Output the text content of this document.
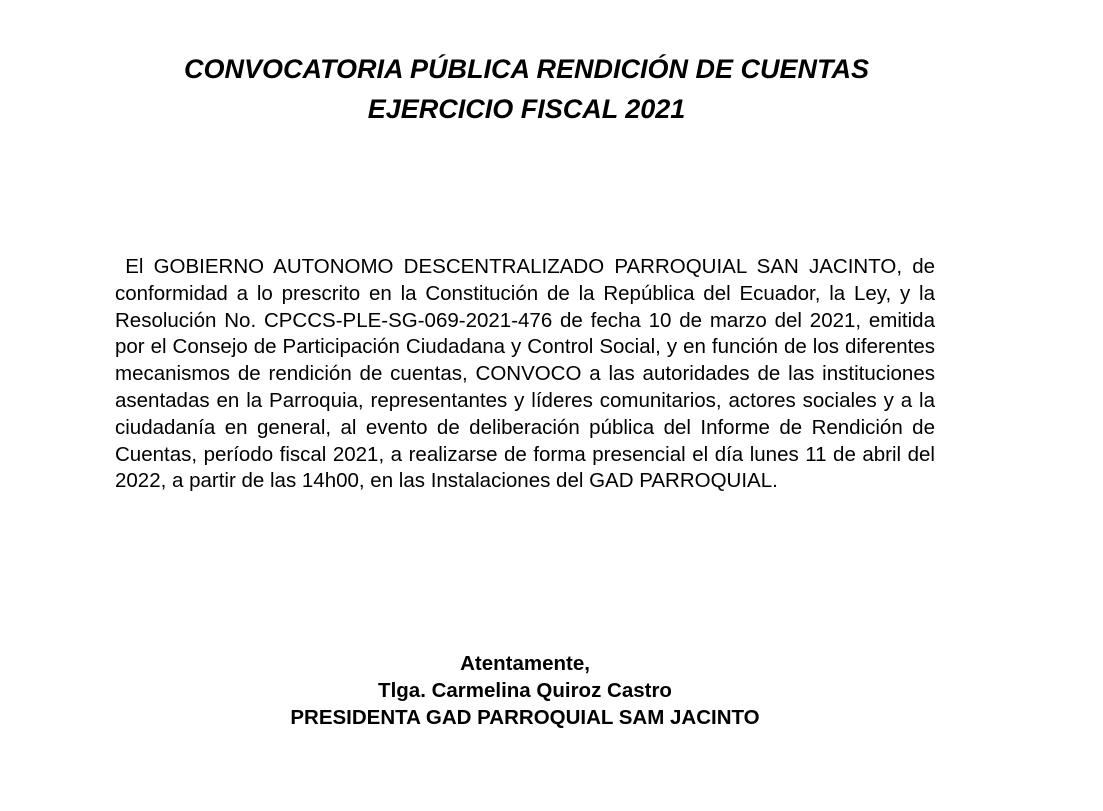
CONVOCATORIA PÚBLICA RENDICIÓN DE CUENTAS
EJERCICIO FISCAL 2021

El GOBIERNO AUTONOMO DESCENTRALIZADO PARROQUIAL SAN JACINTO, de conformidad a lo prescrito en la Constitución de la República del Ecuador, la Ley, y la Resolución No. CPCCS-PLE-SG-069-2021-476 de fecha 10 de marzo del 2021, emitida por el Consejo de Participación Ciudadana y Control Social, y en función de los diferentes mecanismos de rendición de cuentas, CONVOCO a las autoridades de las instituciones asentadas en la Parroquia, representantes y líderes comunitarios, actores sociales y a la ciudadanía en general, al evento de deliberación pública del Informe de Rendición de Cuentas, período fiscal 2021, a realizarse de forma presencial el día lunes 11 de abril del 2022, a partir de las 14h00, en las Instalaciones del GAD PARROQUIAL.

Atentamente,

Tlga. Carmelina Quiroz Castro

PRESIDENTA GAD PARROQUIAL SAM JACINTO
